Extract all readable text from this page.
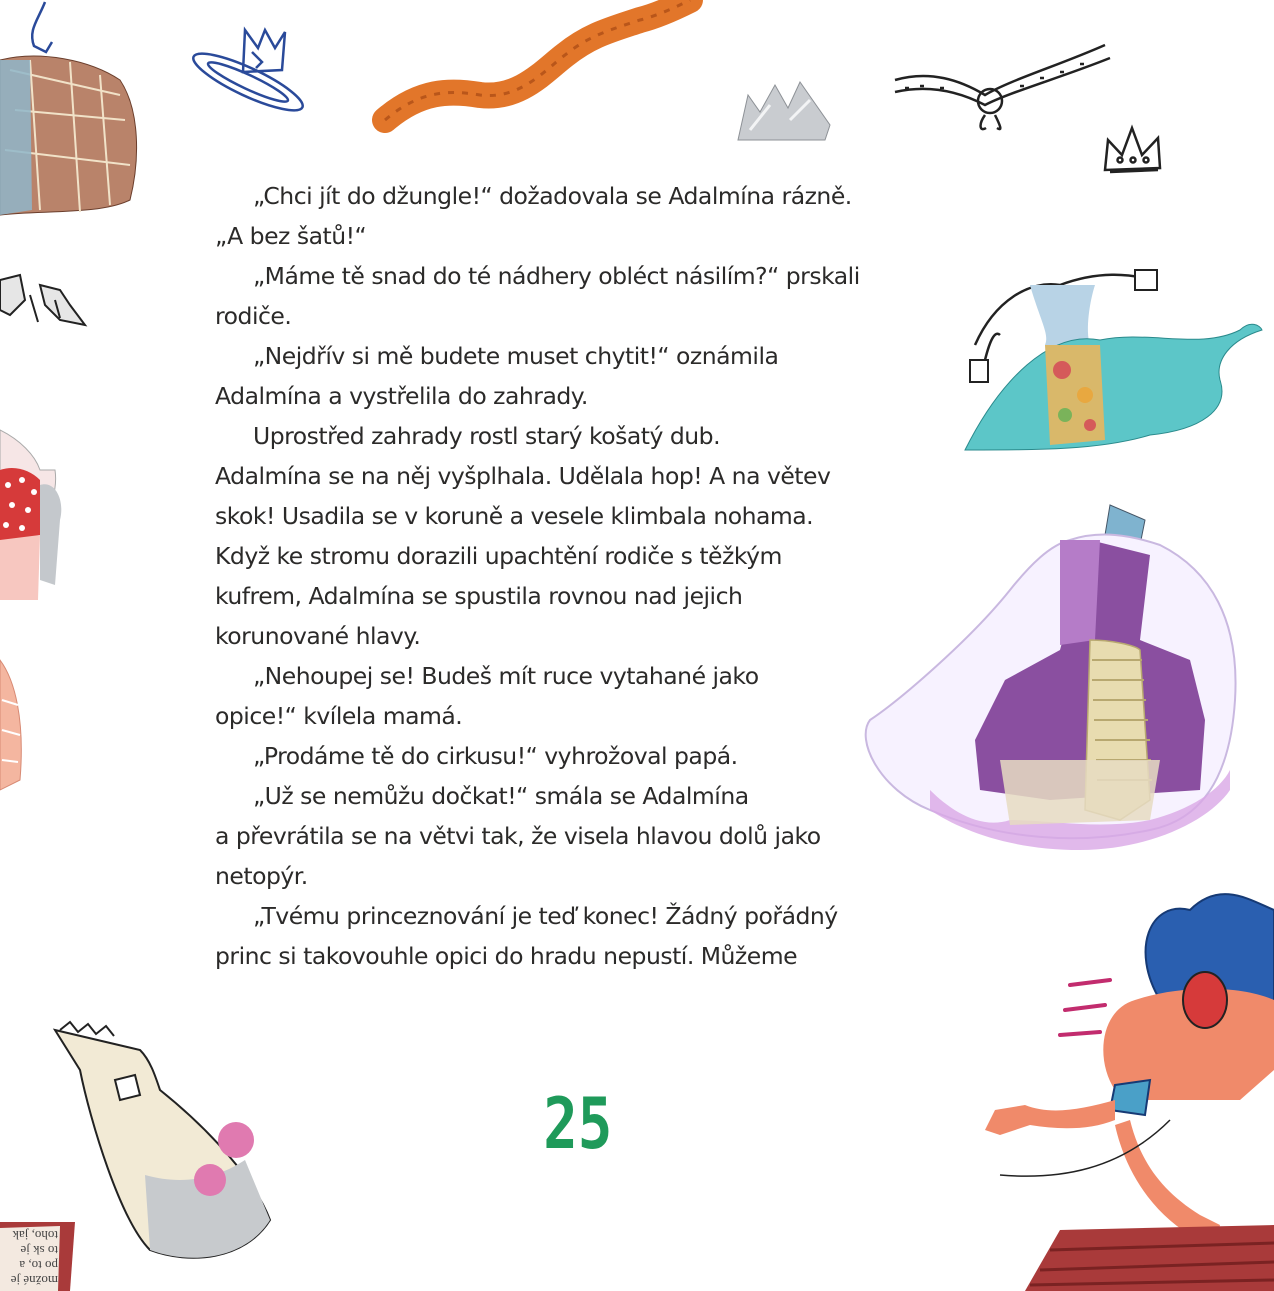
možné je
po to, a
to sk je
toho, jak
„Chci jít do džungle!“ dožadovala se Adalmína rázně.
„A bez šatů!“
„Máme tě snad do té nádhery obléct násilím?“ prskali
rodiče.
„Nejdřív si mě budete muset chytit!“ oznámila
Adalmína a vystřelila do zahrady.
Uprostřed zahrady rostl starý košatý dub.
Adalmína se na něj vyšplhala. Udělala hop! A na větev
skok! Usadila se v koruně a vesele klimbala nohama.
Když ke stromu dorazili upachtění rodiče s těžkým
kufrem, Adalmína se spustila rovnou nad jejich
korunované hlavy.
„Nehoupej se! Budeš mít ruce vytahané jako
opice!“ kvílela mamá.
„Prodáme tě do cirkusu!“ vyhrožoval papá.
„Už se nemůžu dočkat!“ smála se Adalmína
a převrátila se na větvi tak, že visela hlavou dolů jako
netopýr.
„Tvému princeznování je teď konec! Žádný pořádný
princ si takovouhle opici do hradu nepustí. Můžeme
25
